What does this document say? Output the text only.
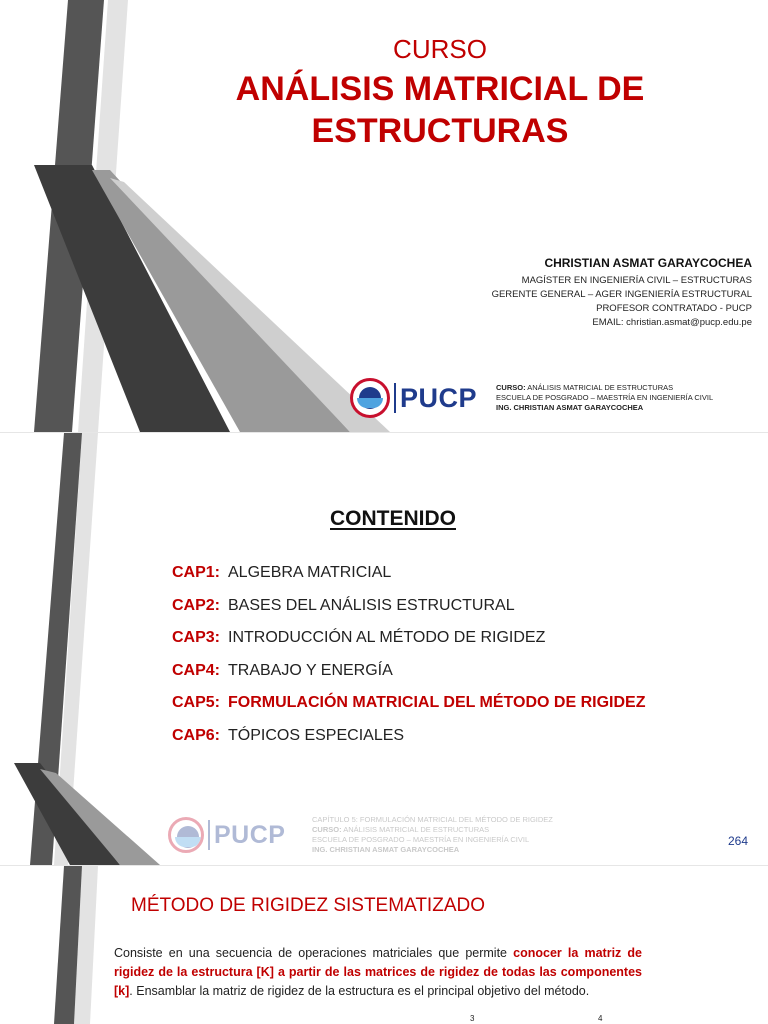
CURSO
ANÁLISIS MATRICIAL DE
ESTRUCTURAS
CHRISTIAN ASMAT GARAYCOCHEA
MAGÍSTER EN INGENIERÍA CIVIL – ESTRUCTURAS
GERENTE GENERAL – AGER INGENIERÍA ESTRUCTURAL
PROFESOR CONTRATADO - PUCP
EMAIL: christian.asmat@pucp.edu.pe
PUCP	CURSO: ANÁLISIS MATRICIAL DE ESTRUCTURAS
ESCUELA DE POSGRADO – MAESTRÍA EN INGENIERÍA CIVIL
ING. CHRISTIAN ASMAT GARAYCOCHEA
CONTENIDO
CAP1: ALGEBRA MATRICIAL
CAP2: BASES DEL ANÁLISIS ESTRUCTURAL
CAP3: INTRODUCCIÓN AL MÉTODO DE RIGIDEZ
CAP4: TRABAJO Y ENERGÍA
CAP5: FORMULACIÓN MATRICIAL DEL MÉTODO DE RIGIDEZ
CAP6: TÓPICOS ESPECIALES
PUCP
CAPÍTULO 5: FORMULACIÓN MATRICIAL DEL MÉTODO DE RIGIDEZ
CURSO: ANÁLISIS MATRICIAL DE ESTRUCTURAS
ESCUELA DE POSGRADO – MAESTRÍA EN INGENIERÍA CIVIL
ING. CHRISTIAN ASMAT GARAYCOCHEA
264
MÉTODO DE RIGIDEZ SISTEMATIZADO

Consiste en una secuencia de operaciones matriciales que permite conocer la matriz de rigidez de la estructura [K] a partir de las matrices de rigidez de todas las componentes [k]. Ensamblar la matriz de rigidez de la estructura es el principal objetivo del método.

3	4
